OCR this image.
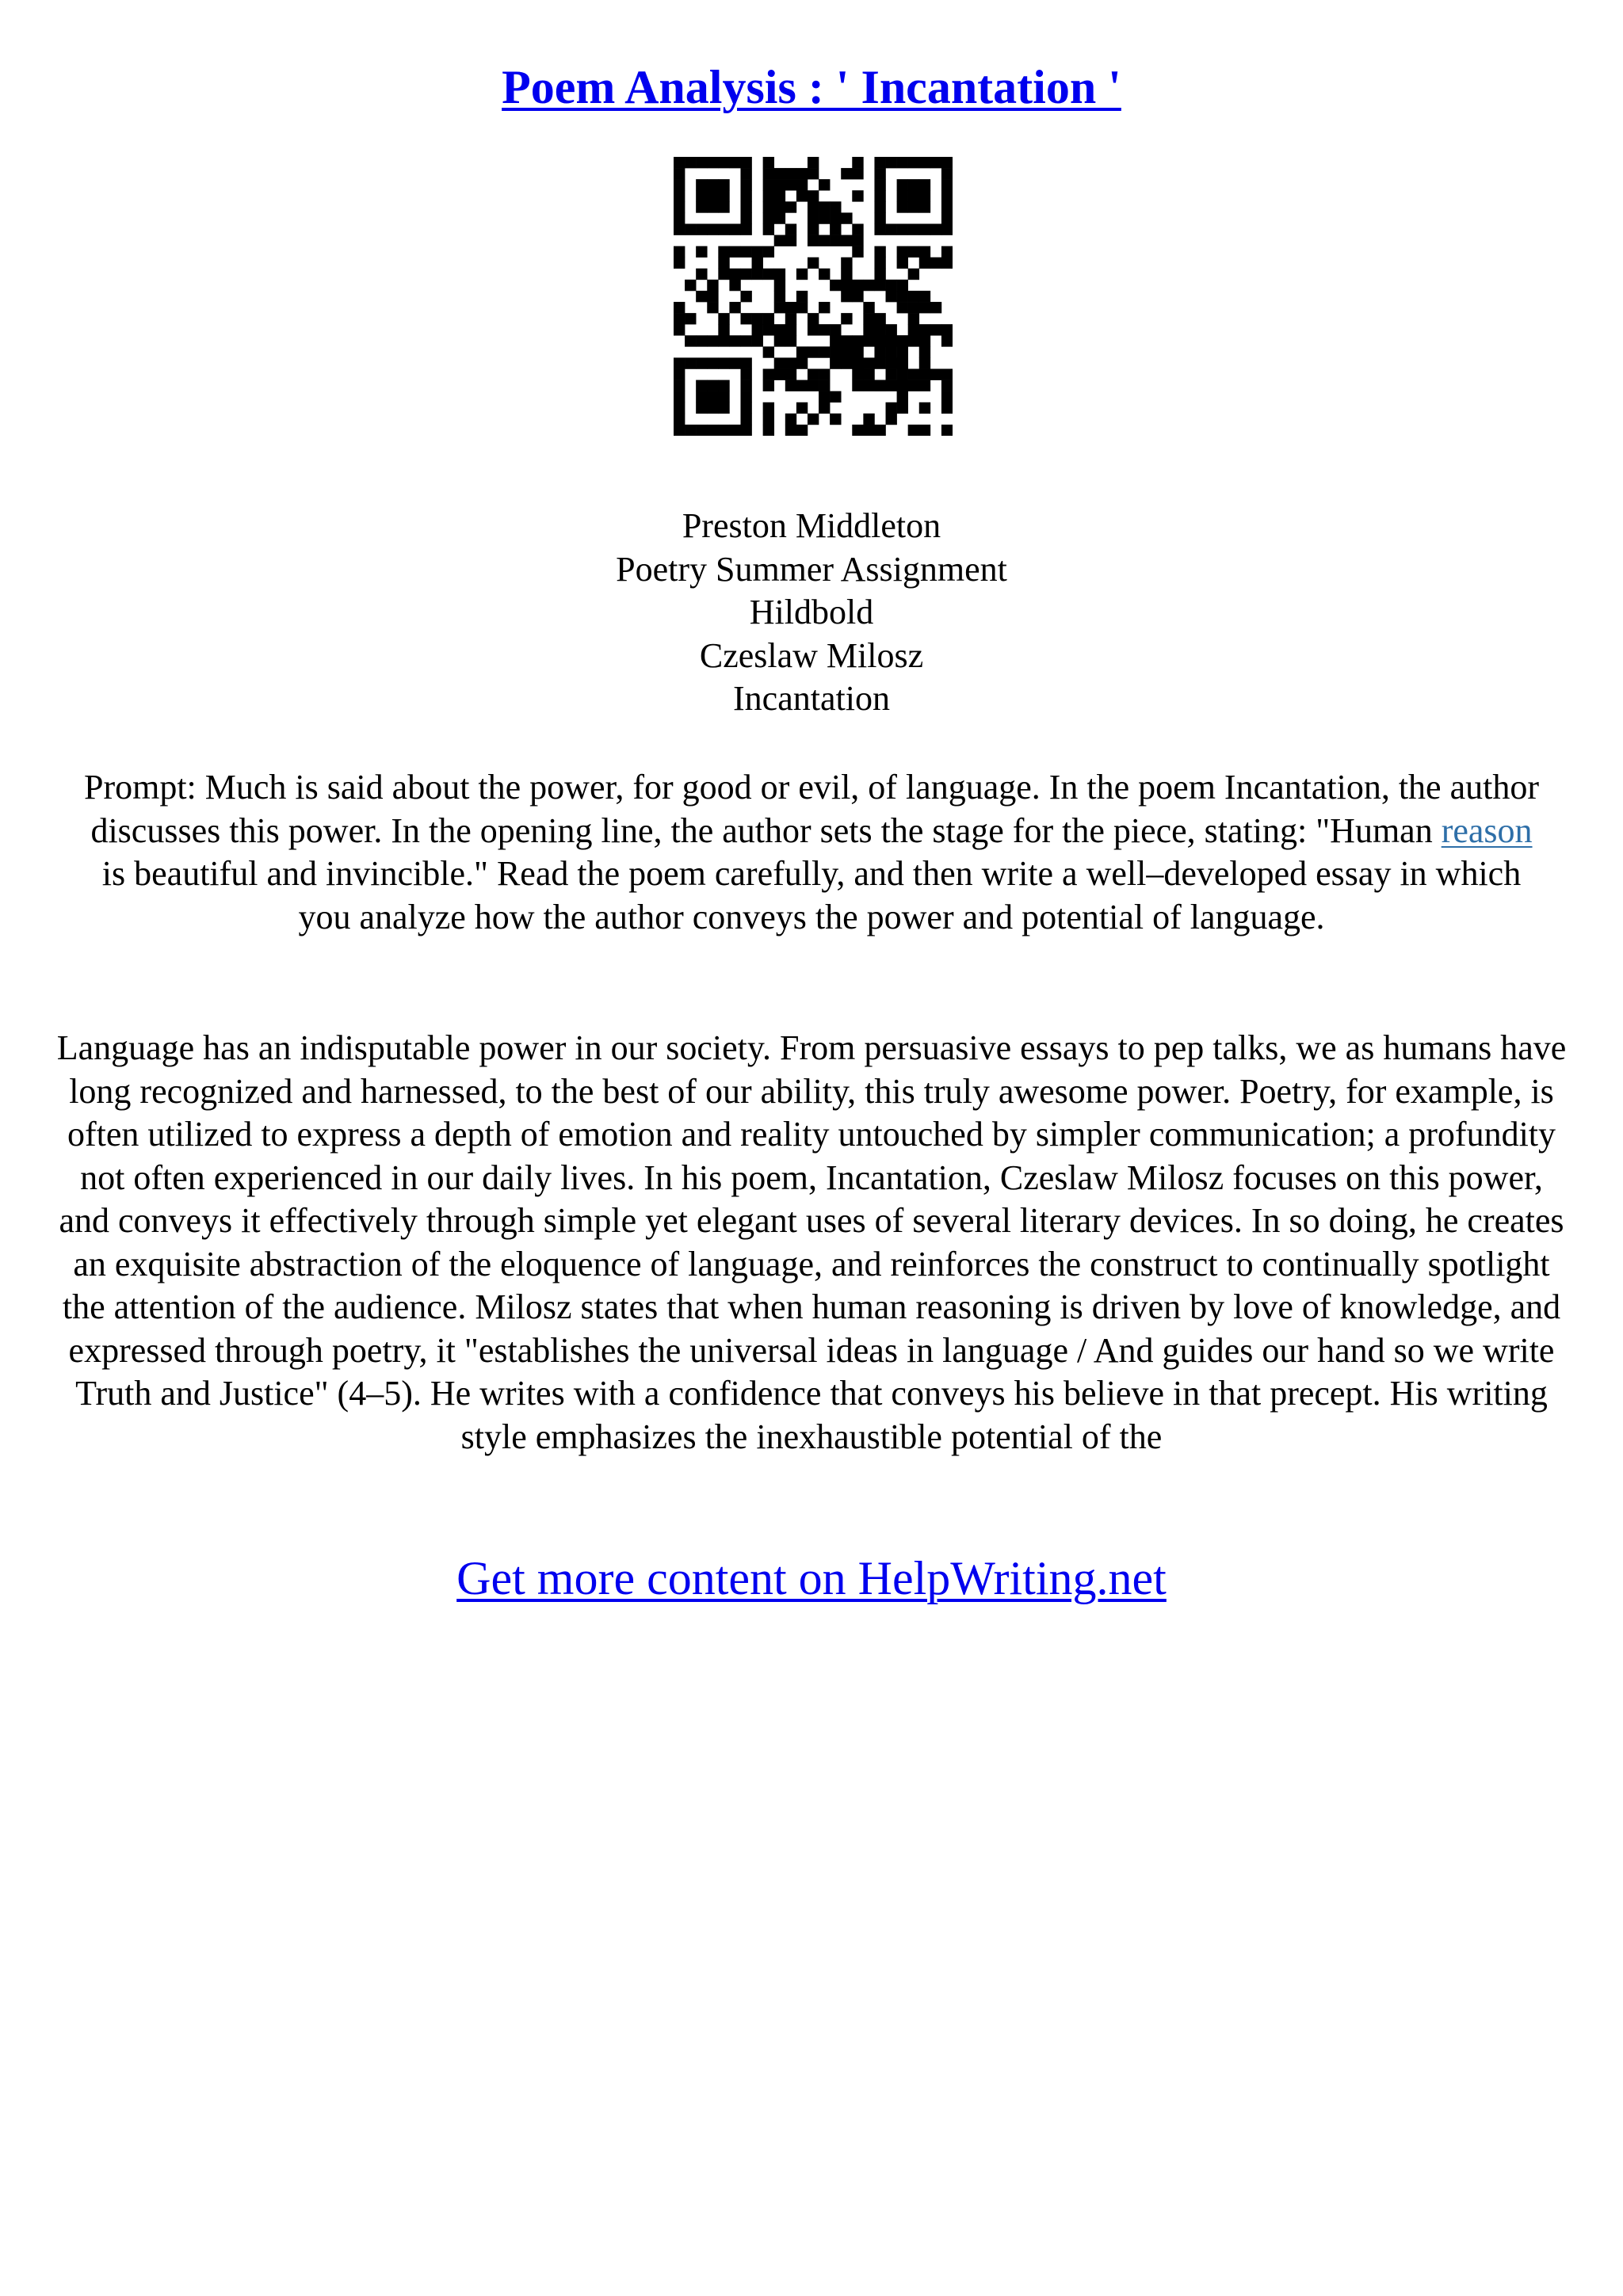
Poem Analysis : ' Incantation '
Preston Middleton
Poetry Summer Assignment
Hildbold
Czeslaw Milosz
Incantation
Prompt: Much is said about the power, for good or evil, of language. In the poem Incantation, the author discusses this power. In the opening line, the author sets the stage for the piece, stating: "Human reason is beautiful and invincible." Read the poem carefully, and then write a well–developed essay in which you analyze how the author conveys the power and potential of language.
Language has an indisputable power in our society. From persuasive essays to pep talks, we as humans have long recognized and harnessed, to the best of our ability, this truly awesome power. Poetry, for example, is often utilized to express a depth of emotion and reality untouched by simpler communication; a profundity not often experienced in our daily lives. In his poem, Incantation, Czeslaw Milosz focuses on this power, and conveys it effectively through simple yet elegant uses of several literary devices. In so doing, he creates an exquisite abstraction of the eloquence of language, and reinforces the construct to continually spotlight the attention of the audience. Milosz states that when human reasoning is driven by love of knowledge, and expressed through poetry, it "establishes the universal ideas in language / And guides our hand so we write Truth and Justice" (4–5). He writes with a confidence that conveys his believe in that precept. His writing style emphasizes the inexhaustible potential of the
Get more content on HelpWriting.net
